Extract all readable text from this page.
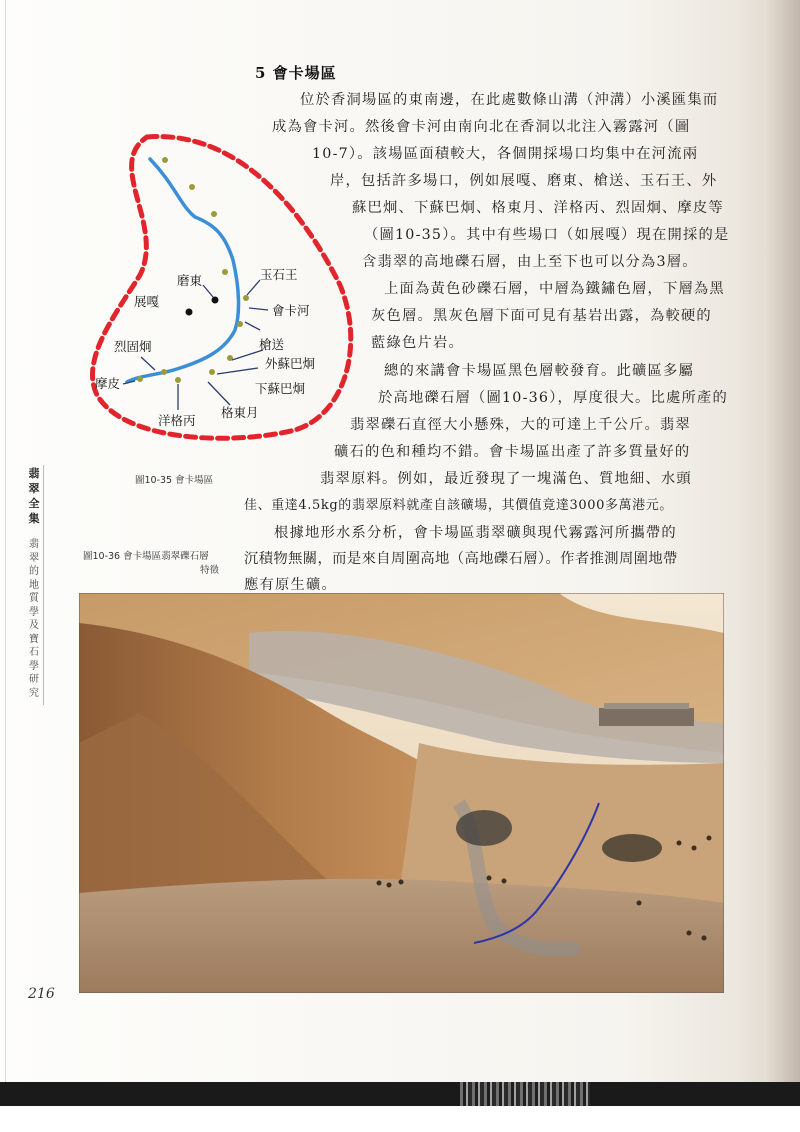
5 會卡場區
位於香洞場區的東南邊，在此處數條山溝（沖溝）小溪匯集而
成為會卡河。然後會卡河由南向北在香洞以北注入霧露河（圖
10-7）。該場區面積較大，各個開採場口均集中在河流兩
岸，包括許多場口，例如展嘎、磨東、槍送、玉石王、外
蘇巴炯、下蘇巴炯、格東月、洋格丙、烈固炯、摩皮等
（圖10-35）。其中有些場口（如展嘎）現在開採的是
含翡翠的高地礫石層，由上至下也可以分為3層。
上面為黃色砂礫石層，中層為鐵鏽色層，下層為黑
灰色層。黑灰色層下面可見有基岩出露，為較硬的
藍綠色片岩。
總的來講會卡場區黑色層較發育。此礦區多屬
於高地礫石層（圖10-36），厚度很大。比處所產的
翡翠礫石直徑大小懸殊，大的可達上千公斤。翡翠
礦石的色和種均不錯。會卡場區出產了許多質量好的
翡翠原料。例如，最近發現了一塊滿色、質地細、水頭
佳、重達4.5kg的翡翠原料就產自該礦場，其價值竟達3000多萬港元。
根據地形水系分析，會卡場區翡翠礦與現代霧露河所攜帶的
沉積物無關，而是來自周圍高地（高地礫石層）。作者推測周圍地帶
應有原生礦。
磨東
展嘎
玉石王
會卡河
槍送
烈固炯
外蘇巴炯
下蘇巴炯
摩皮
格東月
洋格丙
圖10-35 會卡場區
圖10-36 會卡場區翡翠礫石層
特徵
翡翠全集
翡翠的地質學及寶石學研究
216
